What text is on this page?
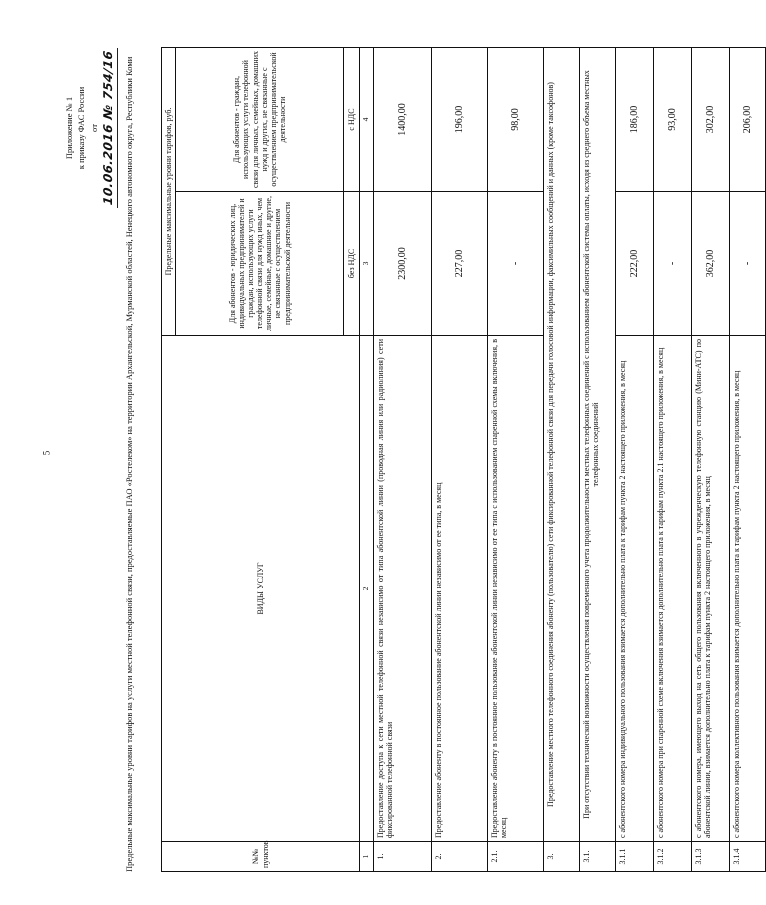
5
Приложение № 1 к приказу ФАС России от 10.06.2016 № 754/16	Предельные максимальные уровни тарифов на услуги местной телефонной связи, предоставляемые ПАО «Ростелеком» на территории Архангельской, Мурманской областей, Ненецкого автономного округа, Республики Коми	№№ пунктов	ВИДЫ УСЛУГ	Предельные максимальные уровни тарифов, руб.	
		Для абонентов - юридических лиц, индивидуальных предпринимателей и граждан, использующих услуги телефонной связи для нужд иных, чем личные, семейные, домашние и другие, не связанные с осуществлением предпринимательской деятельности	Для абонентов - граждан, использующих услуги телефонной связи для личных, семейных, домашних нужд и других, не связанные с осуществлением предпринимательской деятельности
		без НДС	с НДС
1	2	3	4
1.	Предоставление доступа к сети местной телефонной связи независимо от типа абонентской линии (проводная линия или радиолиния) сети фиксированной телефонной связи	2300,00	1400,00
2.	Предоставление абоненту в постоянное пользование абонентской линии независимо от ее типа, в месяц	227,00	196,00
2.1.	Предоставление абоненту в постоянное пользование абонентской линии независимо от ее типа с использованием спаренной схемы включения, в месяц	-	98,00
3.	Предоставление местного телефонного соединения абоненту (пользователю) сети фиксированной телефонной связи для передачи голосовой информации, факсимильных сообщений и данных (кроме таксофонов)		
3.1.	При отсутствии технической возможности осуществления повременного учета продолжительности местных телефонных соединений с использованием абонентской системы оплаты, исходя из среднего объема местных телефонных соединений		
3.1.1	с абонентского номера индивидуального пользования взимается дополнительно плата к тарифам пункта 2 настоящего приложения, в месяц	222,00	186,00
3.1.2	с абонентского номера при спаренной схеме включения взимается дополнительно плата к тарифам пункта 2.1 настоящего приложения, в месяц	-	93,00
3.1.3	с абонентского номера, имеющего выход на сеть общего пользования включенного в учрежденческую телефонную станцию (Мини-АТС) по абонентской линии, взимается дополнительно плата к тарифам пункта 2 настоящего приложения, в месяц	362,00	302,00
3.1.4	с абонентского номера коллективного пользования взимается дополнительно плата к тарифам пункта 2 настоящего приложения, в месяц	-	206,00
